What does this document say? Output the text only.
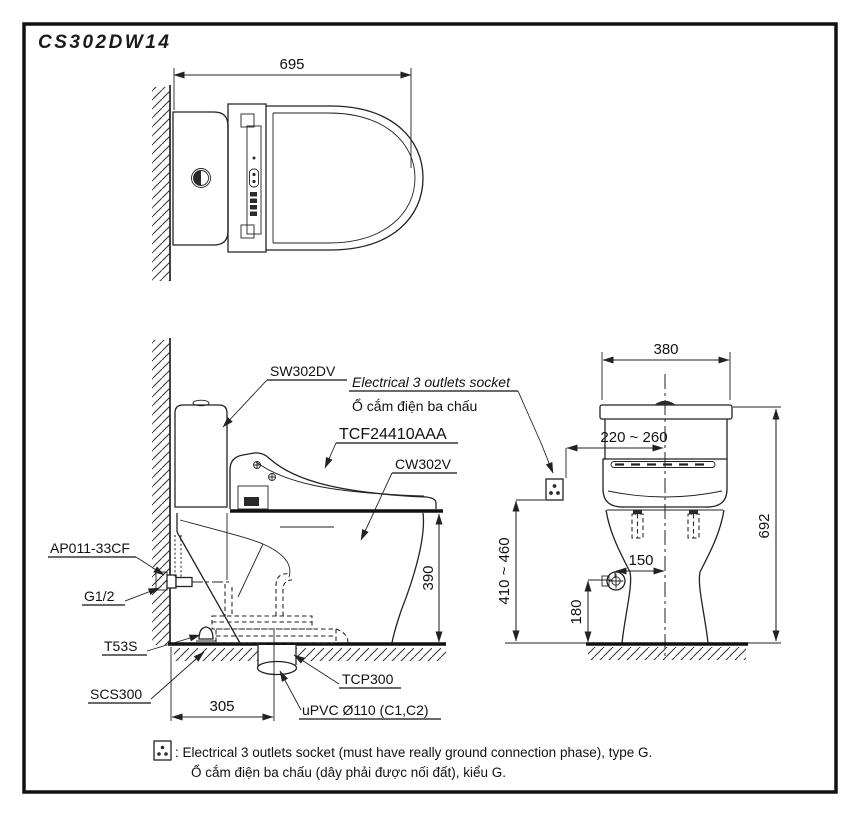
CS302DW14
695
390
305
SW302DV
Electrical 3 outlets socket
Ổ cắm điện ba chấu
TCF24410AAA
CW302V
AP011-33CF
G1/2
T53S
SCS300
TCP300
uPVC Ø110 (C1,C2)
380
150
180
410 ~ 460
692
220 ~ 260
: Electrical 3 outlets socket (must have really ground connection phase), type G.
Ổ cắm điện ba chấu (dây phải được nối đất), kiểu G.
